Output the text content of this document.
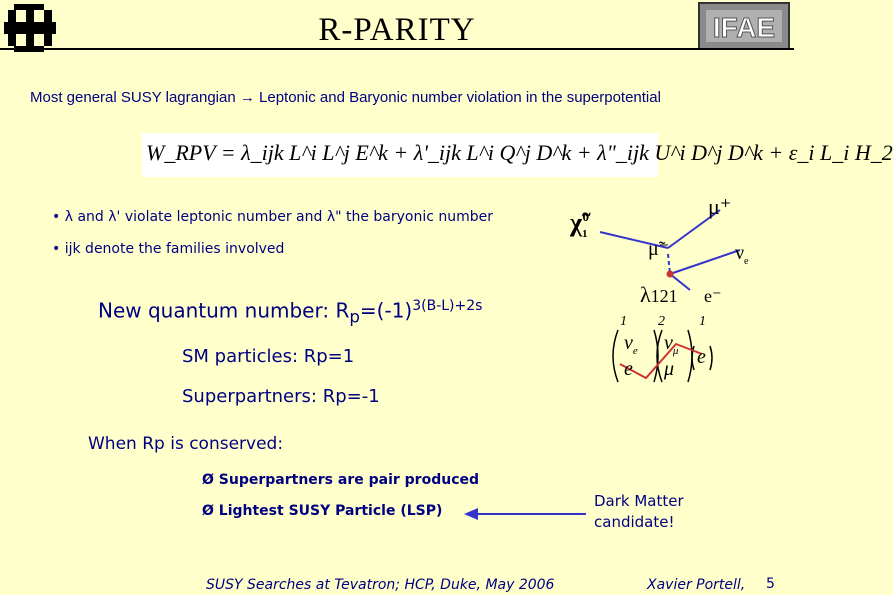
IFAE
R-PARITY
Most general SUSY lagrangian → Leptonic and Baryonic number violation in the superpotential
W_RPV = λ_ijk L^i L^j E^k + λ'_ijk L^i Q^j D^k + λ"_ijk U^i D^j D^k + ε_i L_i H_2
• λ and λ' violate leptonic number and λ" the baryonic number
• ijk denote the families involved
New quantum number: $R_p=(-1)^{3(B-L)+2s}$
SM particles: Rp=1
Superpartners: Rp=-1
When Rp is conserved:
Ø Superpartners are pair produced
Ø Lightest SUSY Particle (LSP)
Dark Matter
candidate!
$\chĩ_1^0$	μ⁺
μ̃⁻	$\nu_e$
λ121 e⁻
1 2 1
$\nu_e$
e
$\nu_\mu$
μ
e
SUSY Searches at Tevatron; HCP, Duke, May 2006	Xavier Portell, 5
